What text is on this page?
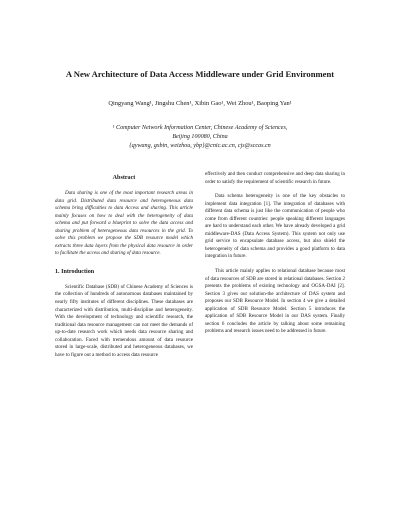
A New Architecture of Data Access Middleware under Grid Environment
Qingyang Wang¹, Jingshu Chen¹, Xibin Gao¹, Wei Zhou¹, Baoping Yan¹
¹ Computer Network Information Center, Chinese Academy of Sciences,
Beijing 100080, China
{qywang, gxbin, weizhou, ybp}@cnic.ac.cn, cjs@sccas.cn
Abstract

Data sharing is one of the most important research areas in data grid. Distributed data resource and heterogeneous data schema bring difficulties to data Access and sharing. This article mainly focuses on how to deal with the heterogeneity of data schema and put forward a blueprint to solve the data access and sharing problem of heterogeneous data resources in the grid. To solve this problem we propose the SDB resource model which extracts three data layers from the physical data resource in order to facilitate the access and sharing of data resource.

1. Introduction

Scientific Database (SDB) of Chinese Academy of Sciences is the collection of hundreds of autonomous databases maintained by nearly fifty institutes of different disciplines. These databases are characterized with distribution, multi-discipline and heterogeneity. With the development of technology and scientific research, the traditional data resource management can not meet the demands of up-to-date research work which needs data resource sharing and collaboration. Faced with tremendous amount of data resource stored in large-scale, distributed and heterogeneous databases, we have to figure out a method to access data resource

effectively and then conduct comprehensive and deep data sharing in order to satisfy the requirement of scientific research in future.

Data schema heterogeneity is one of the key obstacles to implement data integration [1]. The integration of databases with different data schema is just like the communication of people who come from different countries: people speaking different languages are hard to understand each other. We have already developed a grid middleware-DAS (Data Access System). This system not only use grid service to encapsulate database access, but also shield the heterogeneity of data schema and provides a good platform to data integration in future.

This article mainly applies to relational database because most of data resources of SDB are stored in relational databases. Section 2 presents the problems of existing technology and OGSA-DAI [2]. Section 3 gives our solution-the architecture of DAS system and proposes our SDB Resource Model. In section 4 we give a detailed application of SDB Resource Model. Section 5 introduces the application of SDB Resource Model in our DAS system. Finally section 6 concludes the article by talking about some remaining problems and research issues need to be addressed in future.
